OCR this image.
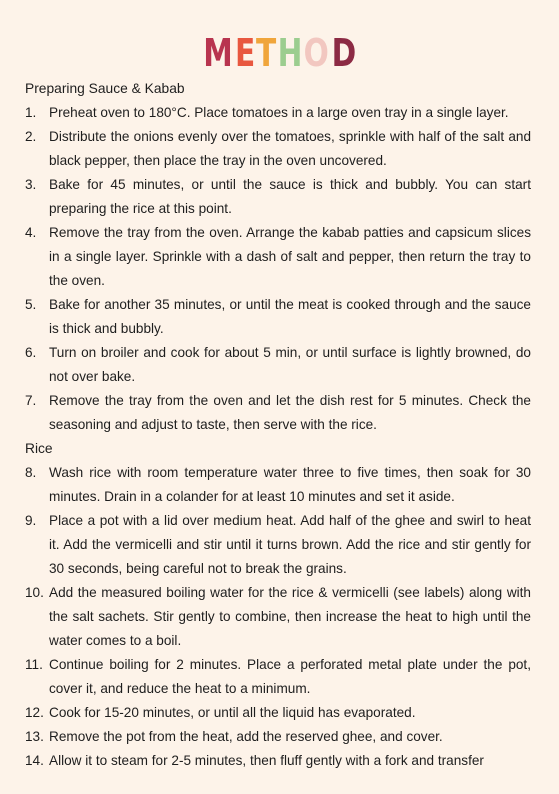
METHOD
Preparing Sauce & Kabab
1. Preheat oven to 180°C. Place tomatoes in a large oven tray in a single layer.
2. Distribute the onions evenly over the tomatoes, sprinkle with half of the salt and black pepper, then place the tray in the oven uncovered.
3. Bake for 45 minutes, or until the sauce is thick and bubbly. You can start preparing the rice at this point.
4. Remove the tray from the oven. Arrange the kabab patties and capsicum slices in a single layer. Sprinkle with a dash of salt and pepper, then return the tray to the oven.
5. Bake for another 35 minutes, or until the meat is cooked through and the sauce is thick and bubbly.
6. Turn on broiler and cook for about 5 min, or until surface is lightly browned, do not over bake.
7. Remove the tray from the oven and let the dish rest for 5 minutes. Check the seasoning and adjust to taste, then serve with the rice.
Rice
8. Wash rice with room temperature water three to five times, then soak for 30 minutes. Drain in a colander for at least 10 minutes and set it aside.
9. Place a pot with a lid over medium heat. Add half of the ghee and swirl to heat it. Add the vermicelli and stir until it turns brown. Add the rice and stir gently for 30 seconds, being careful not to break the grains.
10. Add the measured boiling water for the rice & vermicelli (see labels) along with the salt sachets. Stir gently to combine, then increase the heat to high until the water comes to a boil.
11. Continue boiling for 2 minutes. Place a perforated metal plate under the pot, cover it, and reduce the heat to a minimum.
12. Cook for 15-20 minutes, or until all the liquid has evaporated.
13. Remove the pot from the heat, add the reserved ghee, and cover.
14. Allow it to steam for 2-5 minutes, then fluff gently with a fork and transfer
